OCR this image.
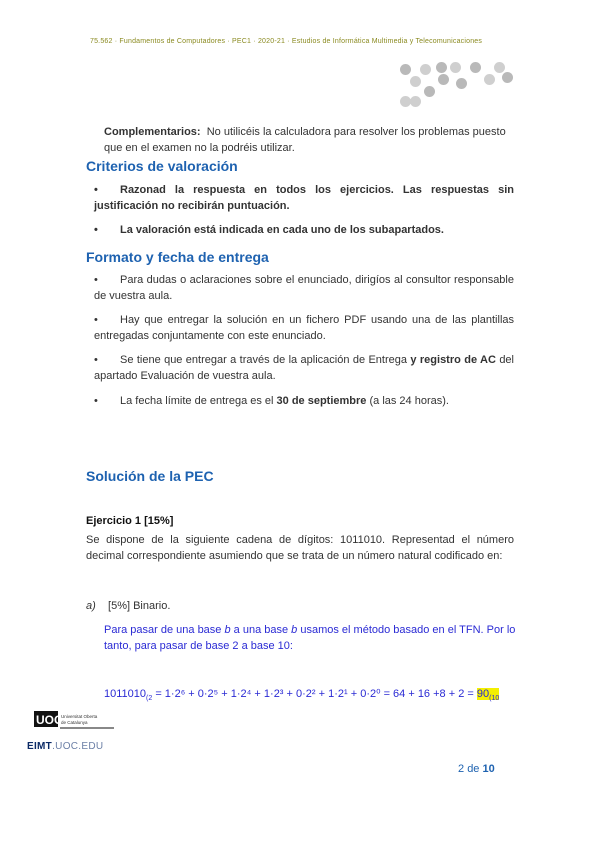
75.562 · Fundamentos de Computadores · PEC1 · 2020-21 · Estudios de Informática Multimedia y Telecomunicaciones
Complementarios: No utilicéis la calculadora para resolver los problemas puesto que en el examen no la podréis utilizar.
Criterios de valoración
• Razonad la respuesta en todos los ejercicios. Las respuestas sin justificación no recibirán puntuación.
• La valoración está indicada en cada uno de los subapartados.
Formato y fecha de entrega
• Para dudas o aclaraciones sobre el enunciado, dirigíos al consultor responsable de vuestra aula.
• Hay que entregar la solución en un fichero PDF usando una de las plantillas entregadas conjuntamente con este enunciado.
• Se tiene que entregar a través de la aplicación de Entrega y registro de AC del apartado Evaluación de vuestra aula.
• La fecha límite de entrega es el 30 de septiembre (a las 24 horas).
Solución de la PEC
Ejercicio 1 [15%]
Se dispone de la siguiente cadena de dígitos: 1011010. Representad el número decimal correspondiente asumiendo que se trata de un número natural codificado en:
a) [5%] Binario.
Para pasar de una base b a una base b usamos el método basado en el TFN. Por lo tanto, para pasar de base 2 a base 10:
$1011010_{(2} = 1\cdot 2^6 + 0\cdot 2^5 + 1\cdot 2^4 + 1\cdot 2^3 + 0\cdot 2^2 + 1\cdot 2^1 + 0\cdot 2^0 = 64 + 16 +8 + 2 = 90_{(10}$
UOC
Universitat Oberta
de Catalunya
EIMT.UOC.EDU
2 de 10
